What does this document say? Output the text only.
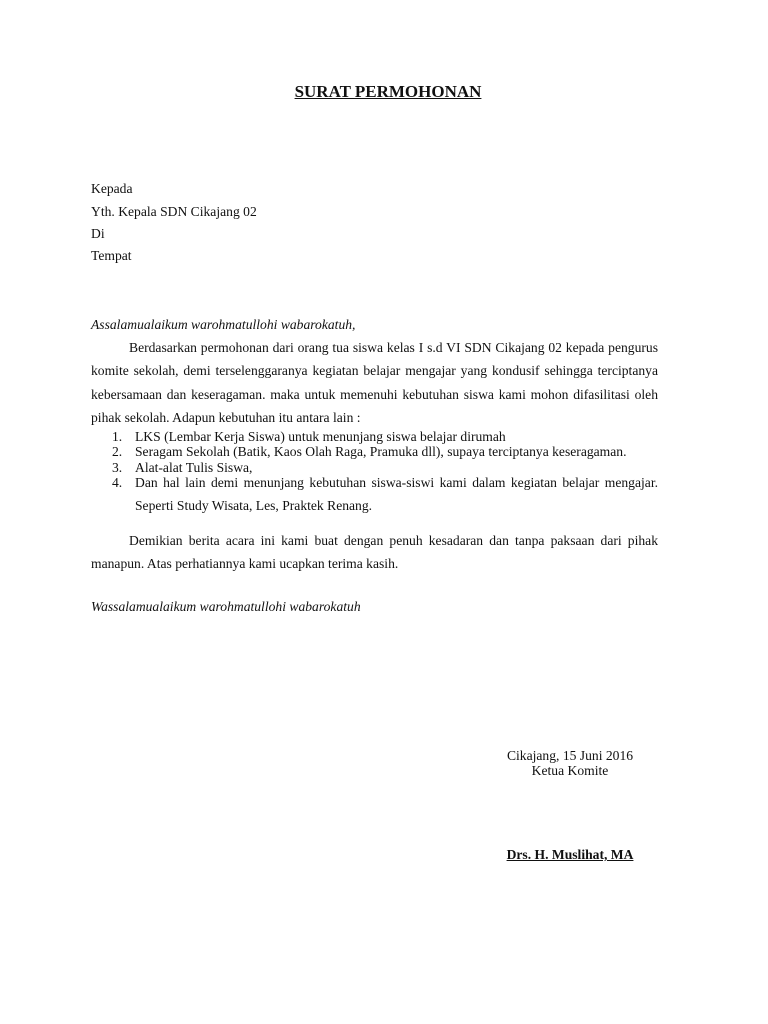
SURAT PERMOHONAN
Kepada
Yth. Kepala SDN Cikajang 02
Di
Tempat
Assalamualaikum warohmatullohi wabarokatuh,
Berdasarkan permohonan dari orang tua siswa kelas I s.d VI SDN Cikajang 02 kepada pengurus komite sekolah, demi terselenggaranya kegiatan belajar mengajar yang kondusif sehingga terciptanya kebersamaan dan keseragaman. maka untuk memenuhi kebutuhan siswa kami mohon difasilitasi oleh pihak sekolah. Adapun kebutuhan itu antara lain :
1. LKS (Lembar Kerja Siswa) untuk menunjang siswa belajar dirumah
2. Seragam Sekolah (Batik, Kaos Olah Raga, Pramuka dll), supaya terciptanya keseragaman.
3. Alat-alat Tulis Siswa,
4. Dan hal lain demi menunjang kebutuhan siswa-siswi kami dalam kegiatan belajar mengajar. Seperti Study Wisata, Les, Praktek Renang.
Demikian berita acara ini kami buat dengan penuh kesadaran dan tanpa paksaan dari pihak manapun. Atas perhatiannya kami ucapkan terima kasih.
Wassalamualaikum warohmatullohi wabarokatuh
Cikajang, 15 Juni 2016
Ketua Komite
Drs. H. Muslihat, MA
